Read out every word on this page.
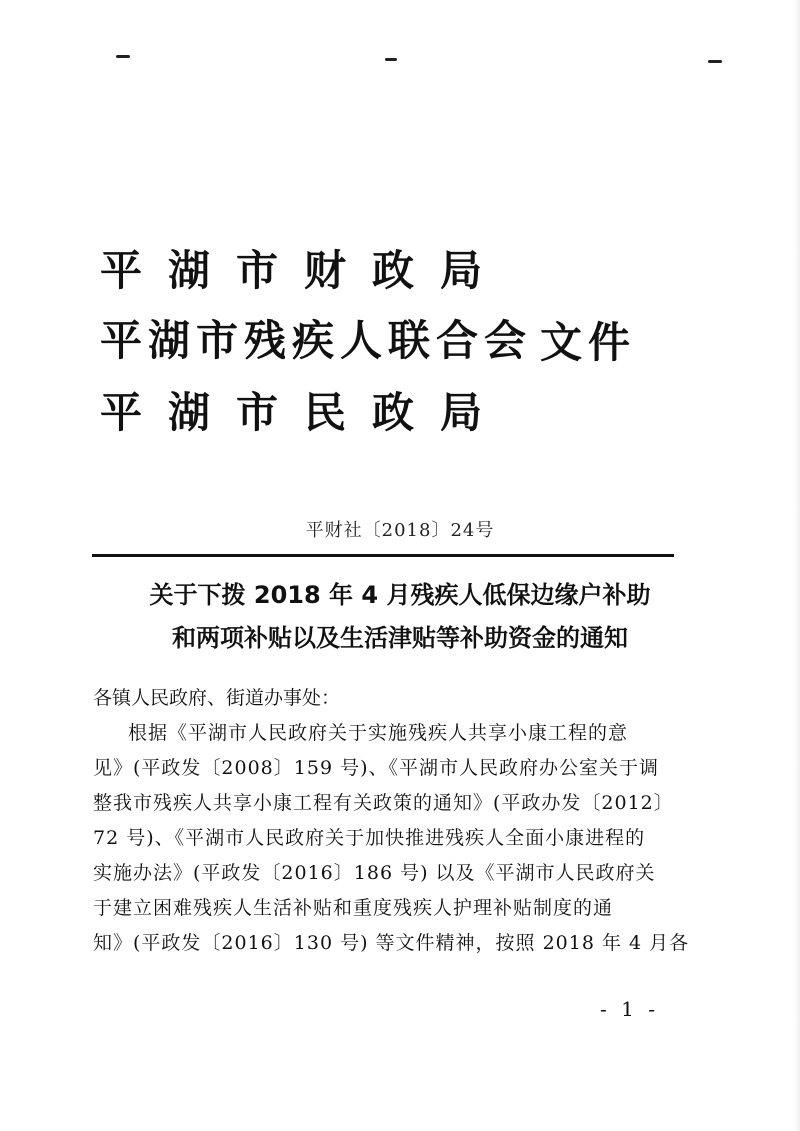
平湖市财政局
平湖市残疾人联合会 文件
平湖市民政局
平财社〔2018〕24号
关于下拨 2018 年 4 月残疾人低保边缘户补助
和两项补贴以及生活津贴等补助资金的通知
各镇人民政府、街道办事处：
根据《平湖市人民政府关于实施残疾人共享小康工程的意
见》(平政发〔2008〕159 号)、《平湖市人民政府办公室关于调
整我市残疾人共享小康工程有关政策的通知》(平政办发〔2012〕
72 号)、《平湖市人民政府关于加快推进残疾人全面小康进程的
实施办法》(平政发〔2016〕186 号) 以及《平湖市人民政府关
于建立困难残疾人生活补贴和重度残疾人护理补贴制度的通
知》(平政发〔2016〕130 号) 等文件精神，按照 2018 年 4 月各
- 1 -
